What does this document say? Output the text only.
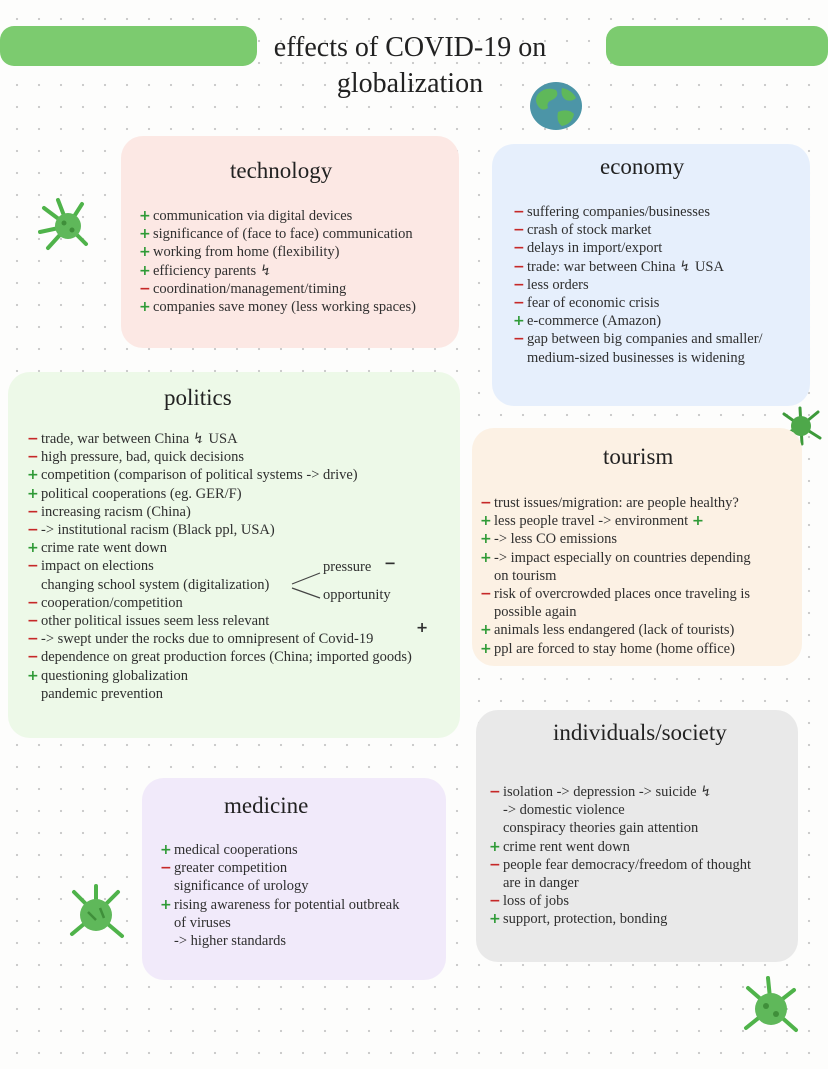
effects of COVID-19 on
globalization
technology
+ communication via digital devices
+ significance of (face to face) communication
+ working from home (flexibility)
+ efficiency parents ↯
− coordination/management/timing
+ companies save money (less working spaces)
economy
− suffering companies/businesses
− crash of stock market
− delays in import/export
− trade: war between China ↯ USA
− less orders
− fear of economic crisis
+ e-commerce (Amazon)
− gap between big companies and smaller/
medium-sized businesses is widening
politics
− trade, war between China ↯ USA
− high pressure, bad, quick decisions
+ competition (comparison of political systems -> drive)
+ political cooperations (eg. GER/F)
− increasing racism (China)
− -> institutional racism (Black ppl, USA)
+ crime rate went down
− impact on elections
changing school system (digitalization)
− cooperation/competition
− other political issues seem less relevant
− -> swept under the rocks due to omnipresent of Covid-19
− dependence on great production forces (China; imported goods)
+ questioning globalization
pandemic prevention
pressure −
opportunity
+
tourism
− trust issues/migration: are people healthy?
+ less people travel -> environment +
+ -> less CO emissions
+ -> impact especially on countries depending
on tourism
− risk of overcrowded places once traveling is
possible again
+ animals less endangered (lack of tourists)
+ ppl are forced to stay home (home office)
individuals/society
− isolation -> depression -> suicide ↯
-> domestic violence
conspiracy theories gain attention
+ crime rent went down
− people fear democracy/freedom of thought
are in danger
− loss of jobs
+ support, protection, bonding
medicine
+ medical cooperations
− greater competition
significance of urology
+ rising awareness for potential outbreak
of viruses
-> higher standards
